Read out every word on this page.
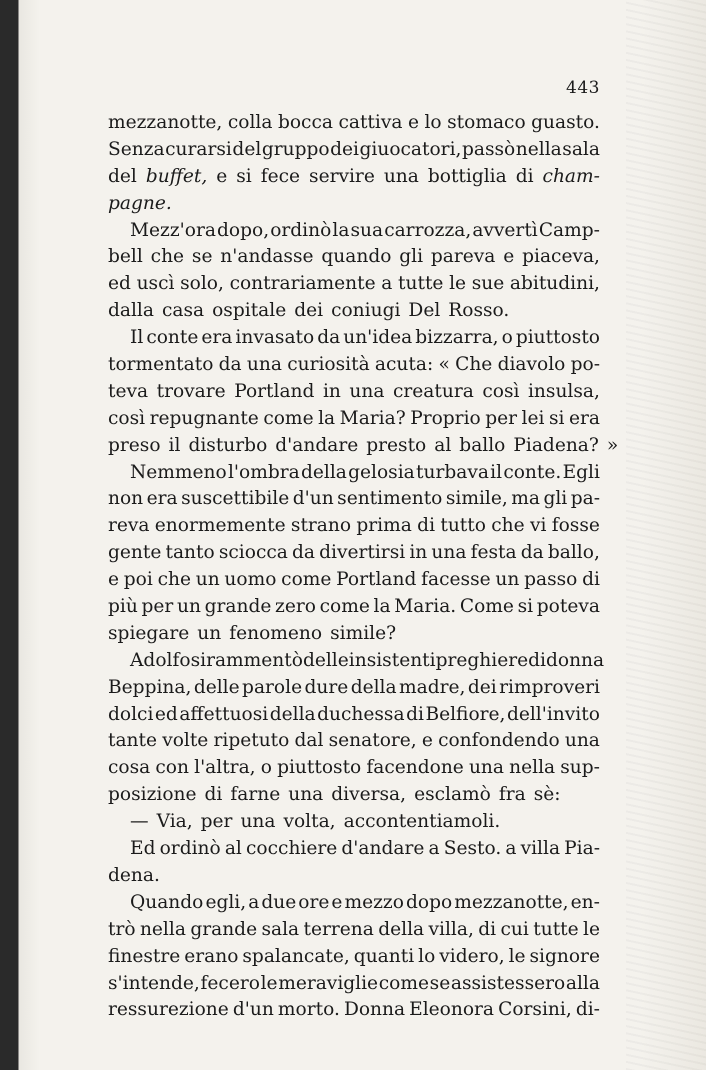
443
mezzanotte, colla bocca cattiva e lo stomaco guasto.
Senza curarsi del gruppo dei giuocatori, passò nella sala
del buffet, e si fece servire una bottiglia di cham-
pagne.
Mezz'ora dopo, ordinò la sua carrozza, avvertì Camp-
bell che se n'andasse quando gli pareva e piaceva,
ed uscì solo, contrariamente a tutte le sue abitudini,
dalla casa ospitale dei coniugi Del Rosso.
Il conte era invasato da un'idea bizzarra, o piuttosto
tormentato da una curiosità acuta: « Che diavolo po-
teva trovare Portland in una creatura così insulsa,
così repugnante come la Maria? Proprio per lei si era
preso il disturbo d'andare presto al ballo Piadena? »
Nemmeno l'ombra della gelosia turbava il conte. Egli
non era suscettibile d'un sentimento simile, ma gli pa-
reva enormemente strano prima di tutto che vi fosse
gente tanto sciocca da divertirsi in una festa da ballo,
e poi che un uomo come Portland facesse un passo di
più per un grande zero come la Maria. Come si poteva
spiegare un fenomeno simile?
Adolfo si rammentò delle insistenti preghiere di donna
Beppina, delle parole dure della madre, dei rimproveri
dolci ed affettuosi della duchessa di Belfiore, dell'invito
tante volte ripetuto dal senatore, e confondendo una
cosa con l'altra, o piuttosto facendone una nella sup-
posizione di farne una diversa, esclamò fra sè:
— Via, per una volta, accontentiamoli.
Ed ordinò al cocchiere d'andare a Sesto. a villa Pia-
dena.
Quando egli, a due ore e mezzo dopo mezzanotte, en-
trò nella grande sala terrena della villa, di cui tutte le
finestre erano spalancate, quanti lo videro, le signore
s'intende, fecero le meraviglie come se assistessero alla
ressurezione d'un morto. Donna Eleonora Corsini, di-
